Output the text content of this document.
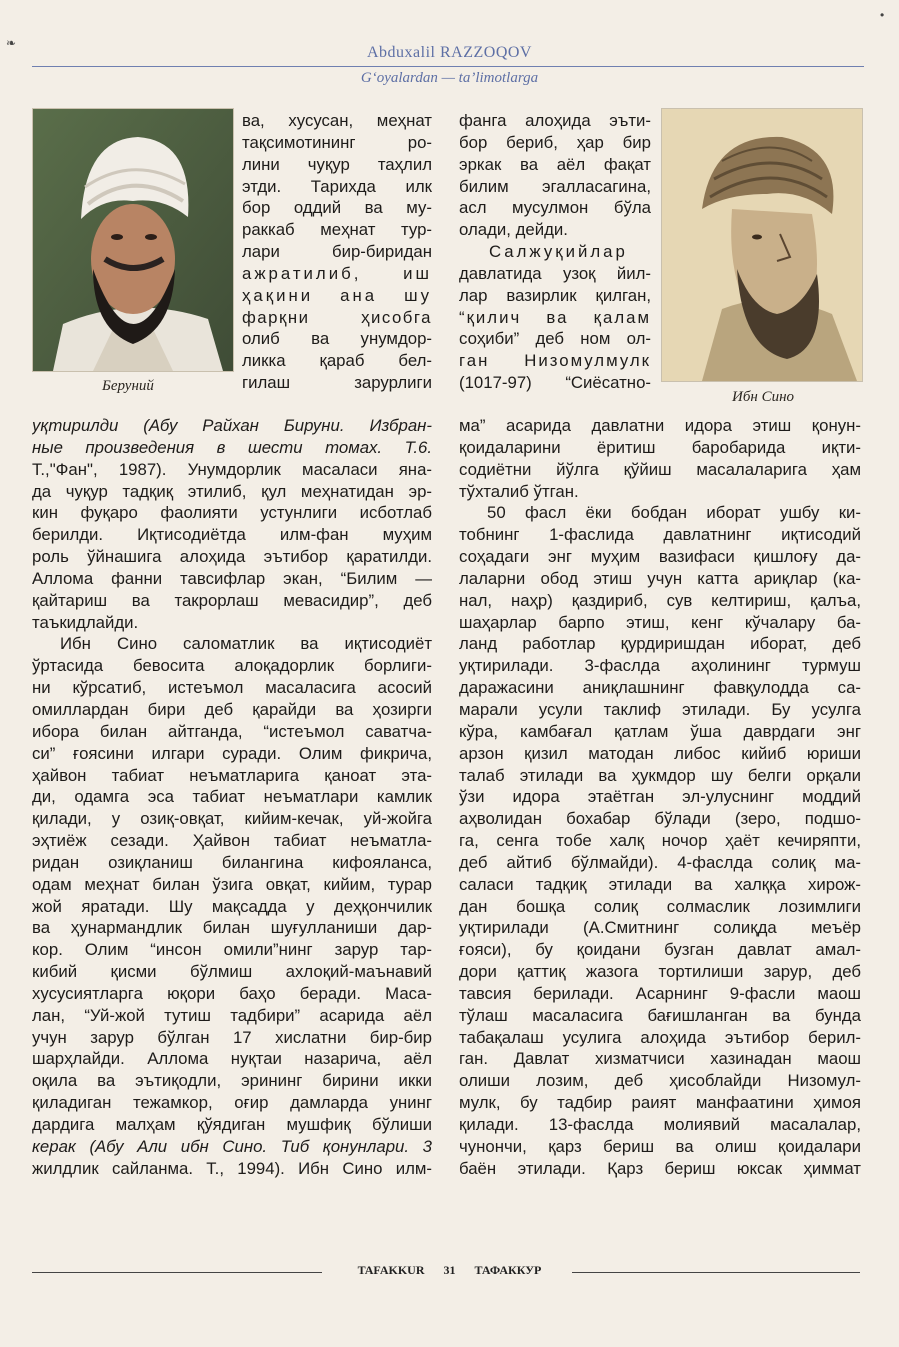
❧
•
Abduxalil RAZZOQOV
G‘oyalardan — ta’limotlarga
Беруний
Ибн Сино
ва, хусусан, меҳнат
тақсимотининг ро-
лини чуқур таҳлил
этди. Тарихда илк
бор оддий ва му-
раккаб меҳнат тур-
лари бир-биридан
ажратилиб, иш
ҳақини ана шу
фарқни ҳисобга
олиб ва унумдор-
ликка қараб бел-
гилаш зарурлиги
уқтирилди (Абу Райхан Бируни. Избран-
ные произведения в шести томах. Т.6.
Т.,"Фан", 1987). Унумдорлик масаласи яна-
да чуқур тадқиқ этилиб, қул меҳнатидан эр-
кин фуқаро фаолияти устунлиги исботлаб
берилди. Иқтисодиётда илм-фан муҳим
роль ўйнашига алоҳида эътибор қаратилди.
Аллома фанни тавсифлар экан, “Билим —
қайтариш ва такрорлаш мевасидир”, деб
таъкидлайди.
Ибн Сино саломатлик ва иқтисодиёт
ўртасида бевосита алоқадорлик борлиги-
ни кўрсатиб, истеъмол масаласига асосий
омиллардан бири деб қарайди ва ҳозирги
ибора билан айтганда, “истеъмол саватча-
си” ғоясини илгари суради. Олим фикрича,
ҳайвон табиат неъматларига қаноат эта-
ди, одамга эса табиат неъматлари камлик
қилади, у озиқ-овқат, кийим-кечак, уй-жойга
эҳтиёж сезади. Ҳайвон табиат неъматла-
ридан озиқланиш билангина кифояланса,
одам меҳнат билан ўзига овқат, кийим, турар
жой яратади. Шу мақсадда у деҳқончилик
ва ҳунармандлик билан шуғулланиши дар-
кор. Олим “инсон омили”нинг зарур тар-
кибий қисми бўлмиш ахлоқий-маънавий
хусусиятларга юқори баҳо беради. Маса-
лан, “Уй-жой тутиш тадбири” асарида аёл
учун зарур бўлган 17 хислатни бир-бир
шарҳлайди. Аллома нуқтаи назарича, аёл
оқила ва эътиқодли, эрининг бирини икки
қиладиган тежамкор, оғир дамларда унинг
дардига малҳам қўядиган мушфиқ бўлиши
керак (Абу Али ибн Сино. Тиб қонунлари. 3
жилдлик сайланма. Т., 1994). Ибн Сино илм-
фанга алоҳида эъти-
бор бериб, ҳар бир
эркак ва аёл фақат
билим эгалласагина,
асл мусулмон бўла
олади, дейди.
Салжуқийлар
давлатида узоқ йил-
лар вазирлик қилган,
“қилич ва қалам
соҳиби” деб ном ол-
ган Низомулмулк
(1017-97) “Сиёсатно-
ма” асарида давлатни идора этиш қонун-
қоидаларини ёритиш баробарида иқти-
содиётни йўлга қўйиш масалаларига ҳам
тўхталиб ўтган.
50 фасл ёки бобдан иборат ушбу ки-
тобнинг 1-фаслида давлатнинг иқтисодий
соҳадаги энг муҳим вазифаси қишлоғу да-
лаларни обод этиш учун катта ариқлар (ка-
нал, наҳр) қаздириб, сув келтириш, қалъа,
шаҳарлар барпо этиш, кенг кўчалару ба-
ланд работлар қурдиришдан иборат, деб
уқтирилади. 3-фаслда аҳолининг турмуш
даражасини аниқлашнинг фавқулодда са-
марали усули таклиф этилади. Бу усулга
кўра, камбағал қатлам ўша даврдаги энг
арзон қизил матодан либос кийиб юриши
талаб этилади ва ҳукмдор шу белги орқали
ўзи идора этаётган эл-улуснинг моддий
аҳволидан бохабар бўлади (зеро, подшо-
га, сенга тобе халқ ночор ҳаёт кечиряпти,
деб айтиб бўлмайди). 4-фаслда солиқ ма-
саласи тадқиқ этилади ва халққа хирож-
дан бошқа солиқ солмаслик лозимлиги
уқтирилади (А.Смитнинг солиқда меъёр
ғояси), бу қоидани бузган давлат амал-
дори қаттиқ жазога тортилиши зарур, деб
тавсия берилади. Асарнинг 9-фасли маош
тўлаш масаласига бағишланган ва бунда
табақалаш усулига алоҳида эътибор берил-
ган. Давлат хизматчиси хазинадан маош
олиши лозим, деб ҳисоблайди Низомул-
мулк, бу тадбир раият манфаатини ҳимоя
қилади. 13-фаслда молиявий масалалар,
чунончи, қарз бериш ва олиш қоидалари
баён этилади. Қарз бериш юксак ҳиммат
TAFAKKUR 31 ТАФАККУР
